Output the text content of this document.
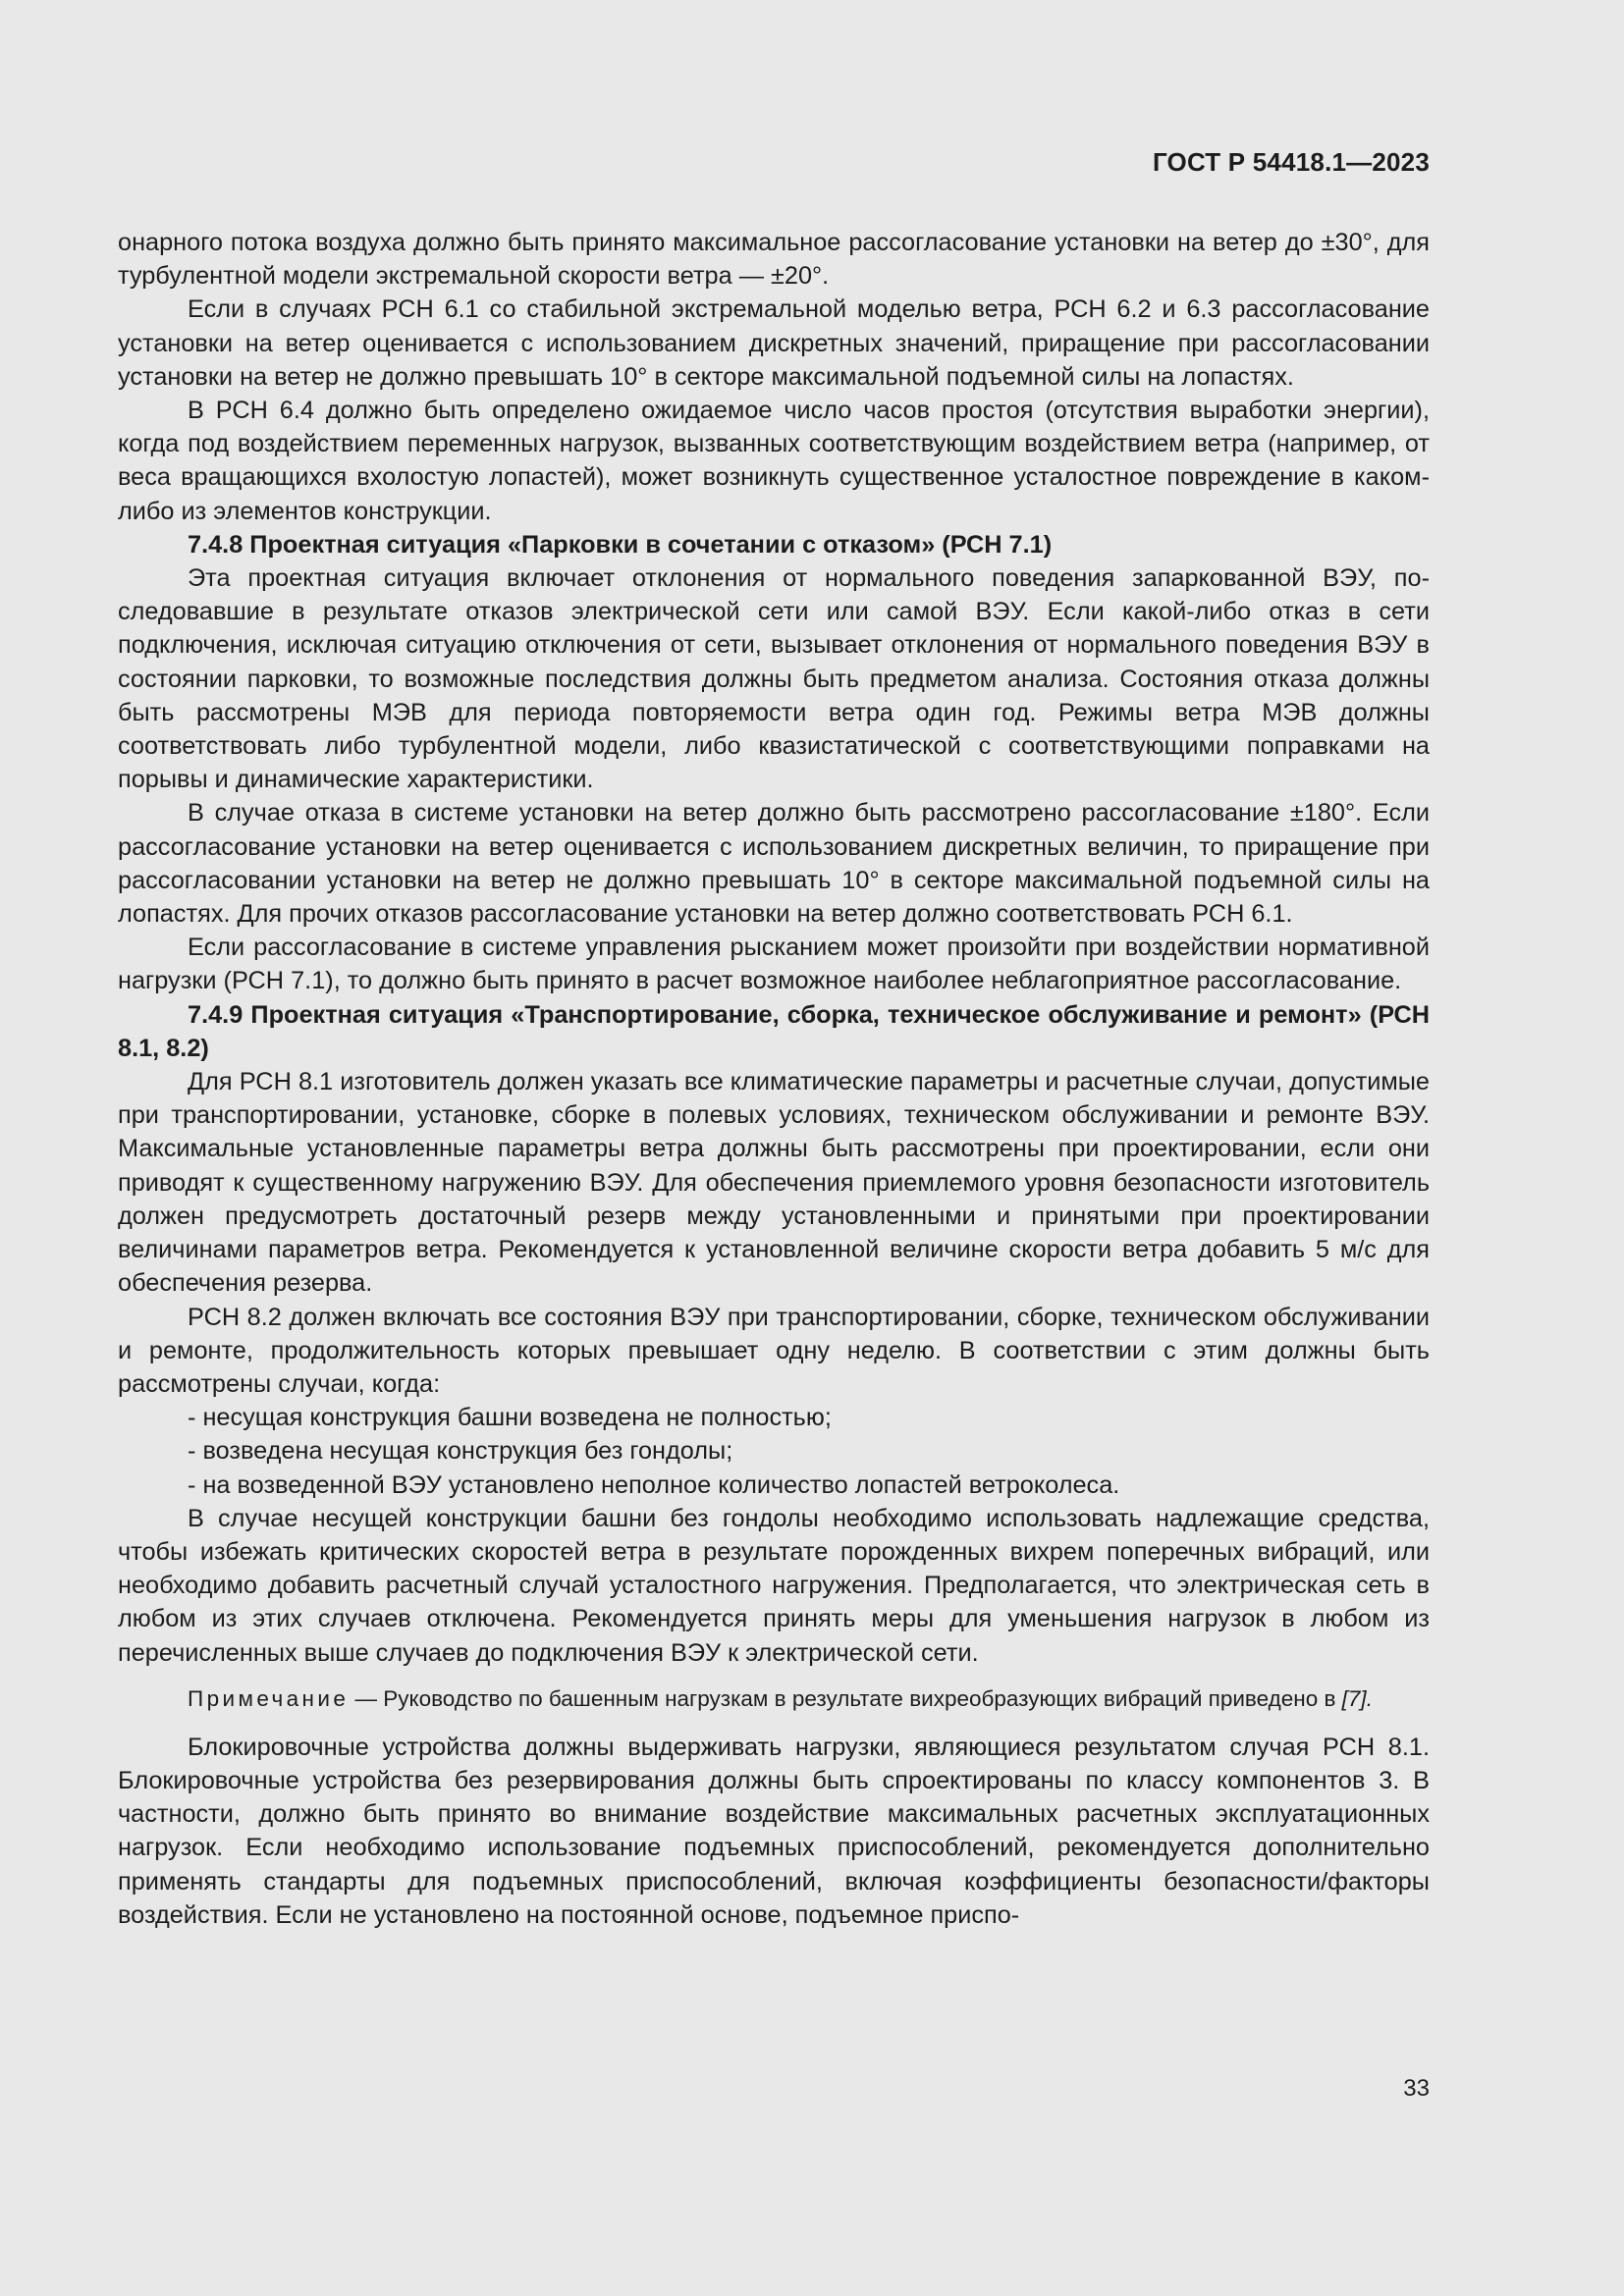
ГОСТ Р 54418.1—2023

онарного потока воздуха должно быть принято максимальное рассогласование установки на ветер до ±30°, для турбулентной модели экстремальной скорости ветра — ±20°.

Если в случаях РСН 6.1 со стабильной экстремальной моделью ветра, РСН 6.2 и 6.3 рассогласование установки на ветер оценивается с использованием дискретных значений, приращение при рассогласовании установки на ветер не должно превышать 10° в секторе максимальной подъемной силы на лопастях.

В РСН 6.4 должно быть определено ожидаемое число часов простоя (отсутствия выработки энергии), когда под воздействием переменных нагрузок, вызванных соответствующим воздействием ветра (например, от веса вращающихся вхолостую лопастей), может возникнуть существенное усталостное повреждение в каком-либо из элементов конструкции.

7.4.8 Проектная ситуация «Парковки в сочетании с отказом» (РСН 7.1)

Эта проектная ситуация включает отклонения от нормального поведения запаркованной ВЭУ, последовавшие в результате отказов электрической сети или самой ВЭУ. Если какой-либо отказ в сети подключения, исключая ситуацию отключения от сети, вызывает отклонения от нормального поведения ВЭУ в состоянии парковки, то возможные последствия должны быть предметом анализа. Состояния отказа должны быть рассмотрены МЭВ для периода повторяемости ветра один год. Режимы ветра МЭВ должны соответствовать либо турбулентной модели, либо квазистатической с соответствующими поправками на порывы и динамические характеристики.

В случае отказа в системе установки на ветер должно быть рассмотрено рассогласование ±180°. Если рассогласование установки на ветер оценивается с использованием дискретных величин, то приращение при рассогласовании установки на ветер не должно превышать 10° в секторе максимальной подъемной силы на лопастях. Для прочих отказов рассогласование установки на ветер должно соответствовать РСН 6.1.

Если рассогласование в системе управления рысканием может произойти при воздействии нормативной нагрузки (РСН 7.1), то должно быть принято в расчет возможное наиболее неблагоприятное рассогласование.

7.4.9 Проектная ситуация «Транспортирование, сборка, техническое обслуживание и ремонт» (РСН 8.1, 8.2)

Для РСН 8.1 изготовитель должен указать все климатические параметры и расчетные случаи, допустимые при транспортировании, установке, сборке в полевых условиях, техническом обслуживании и ремонте ВЭУ. Максимальные установленные параметры ветра должны быть рассмотрены при проектировании, если они приводят к существенному нагружению ВЭУ. Для обеспечения приемлемого уровня безопасности изготовитель должен предусмотреть достаточный резерв между установленными и принятыми при проектировании величинами параметров ветра. Рекомендуется к установленной величине скорости ветра добавить 5 м/с для обеспечения резерва.

РСН 8.2 должен включать все состояния ВЭУ при транспортировании, сборке, техническом обслуживании и ремонте, продолжительность которых превышает одну неделю. В соответствии с этим должны быть рассмотрены случаи, когда:

- несущая конструкция башни возведена не полностью;

- возведена несущая конструкция без гондолы;

- на возведенной ВЭУ установлено неполное количество лопастей ветроколеса.

В случае несущей конструкции башни без гондолы необходимо использовать надлежащие средства, чтобы избежать критических скоростей ветра в результате порожденных вихрем поперечных вибраций, или необходимо добавить расчетный случай усталостного нагружения. Предполагается, что электрическая сеть в любом из этих случаев отключена. Рекомендуется принять меры для уменьшения нагрузок в любом из перечисленных выше случаев до подключения ВЭУ к электрической сети.

Примечание — Руководство по башенным нагрузкам в результате вихреобразующих вибраций приведено в [7].

Блокировочные устройства должны выдерживать нагрузки, являющиеся результатом случая РСН 8.1. Блокировочные устройства без резервирования должны быть спроектированы по классу компонентов 3. В частности, должно быть принято во внимание воздействие максимальных расчетных эксплуатационных нагрузок. Если необходимо использование подъемных приспособлений, рекомендуется дополнительно применять стандарты для подъемных приспособлений, включая коэффициенты безопасности/факторы воздействия. Если не установлено на постоянной основе, подъемное приспо-

33
